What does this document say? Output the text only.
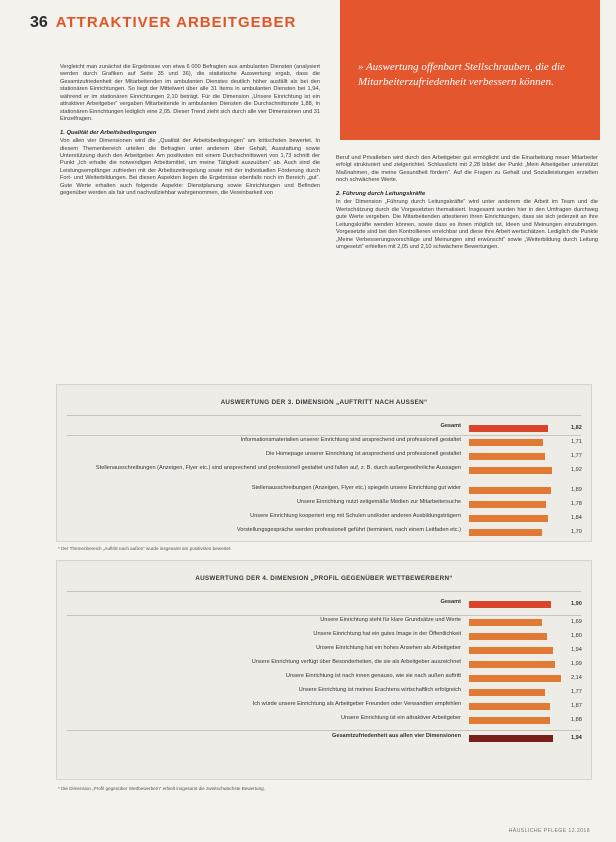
36 ATTRAKTIVER ARBEITGEBER
» Auswertung offenbart Stellschrauben, die die Mitarbeiterzufriedenheit verbessern können.

Vergleicht man zunächst die Ergebnisse von etwa 6 000 Befragten aus ambulanten Diensten (analysiert werden durch Grafiken auf Seite 35 und 36), die statistische Auswertung ergab, dass die Gesamtzufriedenheit der Mitarbeitenden im ambulanten Dienstes deutlich höher ausfällt als bei den stationären Einrichtungen. So liegt der Mittelwert über alle 31 Items in ambulanten Diensten bei 1,94, während er im stationären Einrichtungen 2,10 beträgt. Für die Dimension „Unsere Einrichtung ist ein attraktiver Arbeitgeber“ vergaben Mitarbeitende in ambulanten Diensten die Durchschnittsnote 1,88, in stationären Einrichtungen lediglich eine 2,05. Dieser Trend zieht sich durch alle vier Dimensionen und 31 Einzelfragen.

1. Qualität der Arbeitsbedingungen

Von allen vier Dimensionen wird die „Qualität der Arbeitsbedingungen“ am kritischsten bewertet. In diesem Themenbereich urteilen die Befragten unter anderem über Gehalt, Ausstattung sowie Unterstützung durch den Arbeitgeber. Am positivsten mit einem Durchschnittswert von 1,73 schnitt der Punkt „Ich erhalte die notwendigen Arbeitsmittel, um meine Tätigkeit auszuüben“ ab. Auch sind die Leistungsempfänger zufrieden mit der Arbeitszeitregelung sowie mit der individuellen Förderung durch Fort- und Weiterbildungen. Bei diesen Aspekten liegen die Ergebnisse ebenfalls noch im Bereich „gut“. Gute Werte erhalten auch folgende Aspekte: Dienstplanung sowie Einrichtungen und Befinden gegenüber werden als fair und nachvollziehbar wahrgenommen, die Vereinbarkeit von

Beruf und Privatleben wird durch den Arbeitgeber gut ermöglicht und die Einarbeitung neuer Mitarbeiter erfolgt strukturiert und zielgerichtet. Schlusslicht mit 2,28 bildet der Punkt „Mein Arbeitgeber unterstützt Maßnahmen, die meine Gesundheit fördern“. Auf die Fragen zu Gehalt und Sozialleistungen erzielten noch schwächere Werte.

2. Führung durch Leitungskräfte

In der Dimension „Führung durch Leitungskräfte“ wird unter anderem die Arbeit im Team und die Wertschätzung durch die Vorgesetzten thematisiert. Insgesamt wurden hier in den Umfragen durchweg gute Werte vergeben. Die Mitarbeitenden attestieren ihren Einrichtungen, dass sie sich jederzeit an ihre Leitungskräfte wenden können, sowie dass es ihnen möglich ist, Ideen und Meinungen einzubringen. Vorgesetzte sind bei den Kontrollieren erreichbar und diese ihre Arbeit wertschätzen. Lediglich die Punkte „Meine Verbesserungsvorschläge und Meinungen sind erwünscht“ sowie „Weiterbildung durch Leitung umgesetzt“ erhielten mit 2,05 und 2,10 schwächere Bewertungen.

AUSWERTUNG DER 3. DIMENSION „AUFTRITT NACH AUSSEN“
Gesamt	1,82
Informationsmaterialien unserer Einrichtung sind ansprechend und professionell gestaltet	1,71
Die Homepage unserer Einrichtung ist ansprechend und professionell gestaltet	1,77
Stellenausschreibungen (Anzeigen, Flyer etc.) sind ansprechend und professionell gestaltet und fallen auf, z. B. durch außergewöhnliche Aussagen	1,92
Stellenausschreibungen (Anzeigen, Flyer etc.) spiegeln unsere Einrichtung gut wider	1,89
Unsere Einrichtung nutzt zeitgemäße Medien zur Mitarbeitersuche	1,78
Unsere Einrichtung kooperiert eng mit Schulen und/oder anderen Ausbildungsträgern	1,84
Vorstellungsgespräche werden professionell geführt (terminiert, nach einem Leitfaden etc.)	1,70
* Der Themenbereich „Auftritt nach außen“ wurde insgesamt am positivsten bewertet.
AUSWERTUNG DER 4. DIMENSION „PROFIL GEGENÜBER WETTBEWERBERN“
Gesamt	1,90
Unsere Einrichtung steht für klare Grundsätze und Werte	1,69
Unsere Einrichtung hat ein gutes Image in der Öffentlichkeit	1,80
Unsere Einrichtung hat ein hohes Ansehen als Arbeitgeber	1,94
Unsere Einrichtung verfügt über Besonderheiten, die sie als Arbeitgeber auszeichnet	1,99
Unsere Einrichtung ist nach innen genauso, wie sie nach außen auftritt	2,14
Unsere Einrichtung ist meines Erachtens wirtschaftlich erfolgreich	1,77
Ich würde unsere Einrichtung als Arbeitgeber Freunden oder Verwandten empfehlen	1,87
Unsere Einrichtung ist ein attraktiver Arbeitgeber	1,88
Gesamtzufriedenheit aus allen vier Dimensionen	1,94
* Die Dimension „Profil gegenüber Wettbewerbern“ erhielt insgesamt die zweitschwächste Bewertung.
HÄUSLICHE PFLEGE 12.2018
